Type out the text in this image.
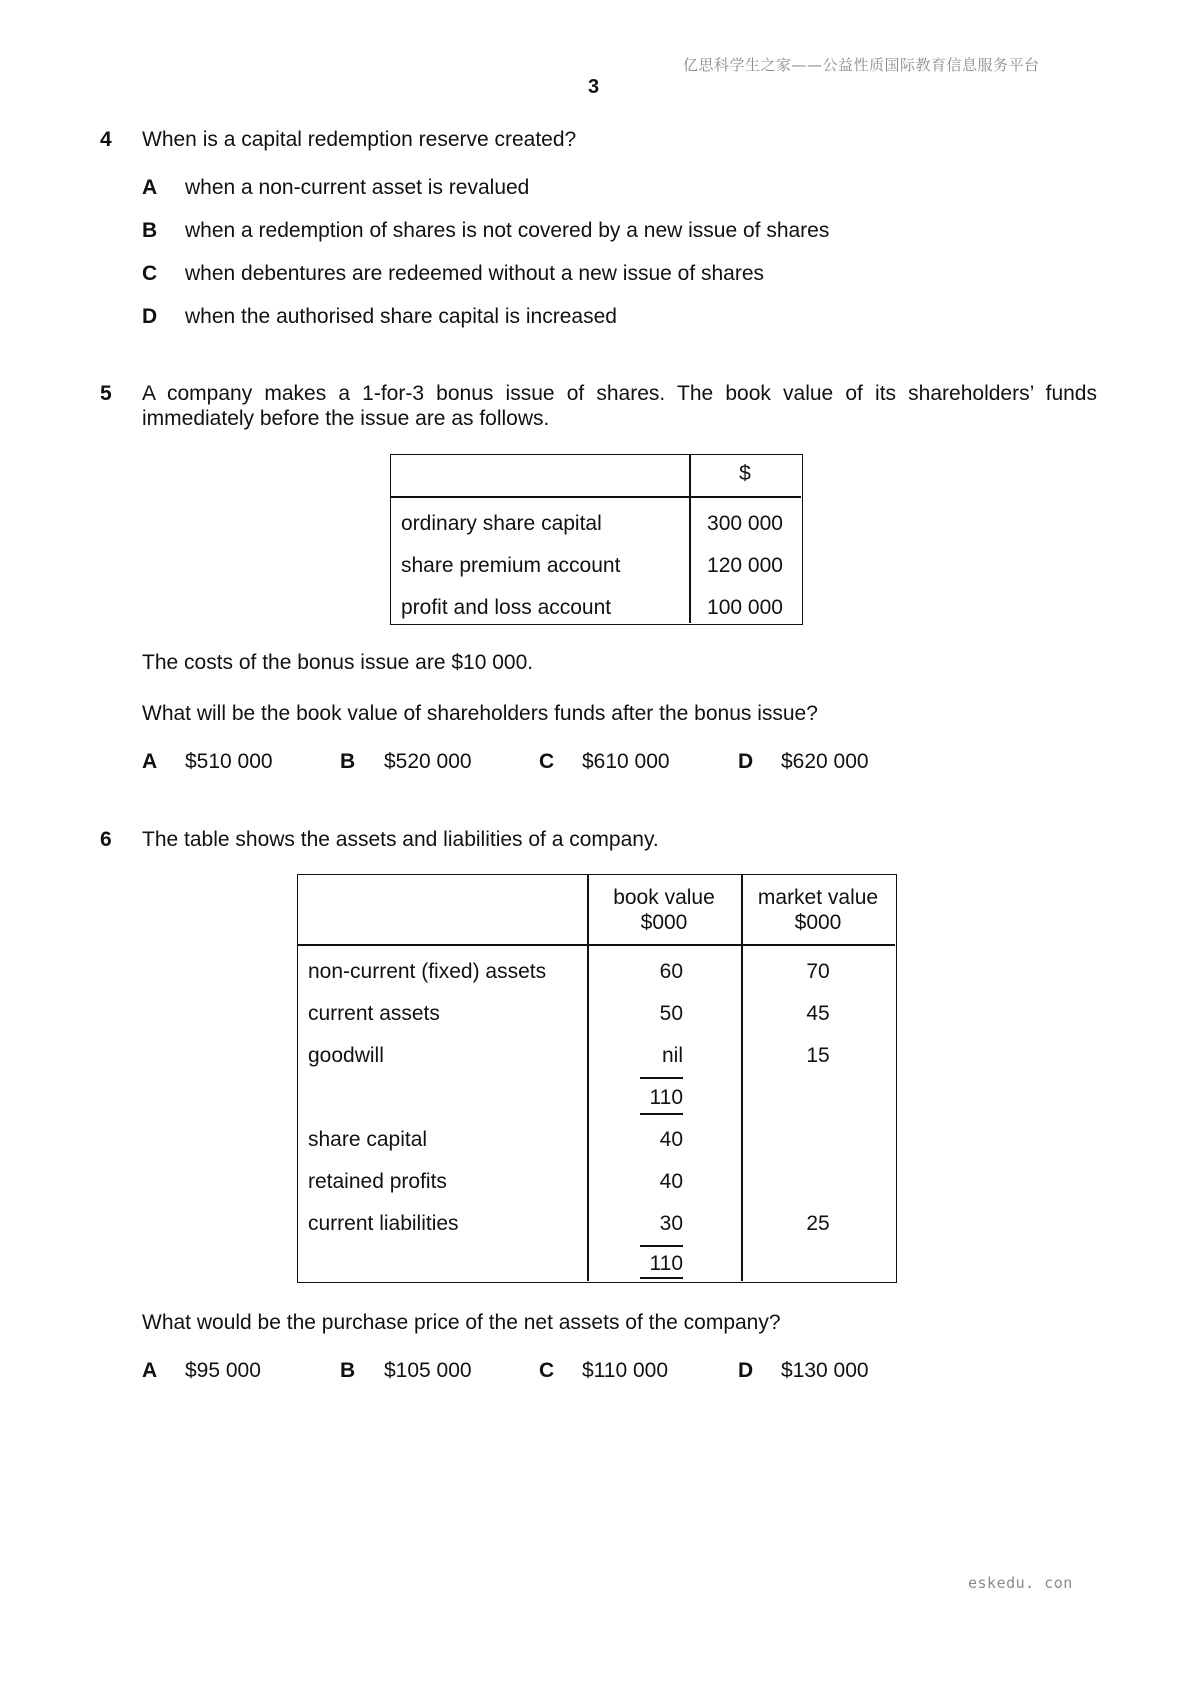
亿思科学生之家——公益性质国际教育信息服务平台
3
4 When is a capital redemption reserve created?
A when a non-current asset is revalued
B when a redemption of shares is not covered by a new issue of shares
C when debentures are redeemed without a new issue of shares
D when the authorised share capital is increased
5 A company makes a 1-for-3 bonus issue of shares. The book value of its shareholders’ funds
immediately before the issue are as follows.
$
ordinary share capital	300 000
share premium account	120 000
profit and loss account	100 000
The costs of the bonus issue are $10 000.
What will be the book value of shareholders funds after the bonus issue?
A $510 000	B $520 000	C $610 000	D $620 000
6 The table shows the assets and liabilities of a company.
book value
$000
market value
$000
non-current (fixed) assets	60	70
current assets	50	45
goodwill	nil	15
110
share capital	40
retained profits	40
current liabilities	30	25
110
What would be the purchase price of the net assets of the company?
A $95 000	B $105 000	C $110 000	D $130 000
eskedu. con
